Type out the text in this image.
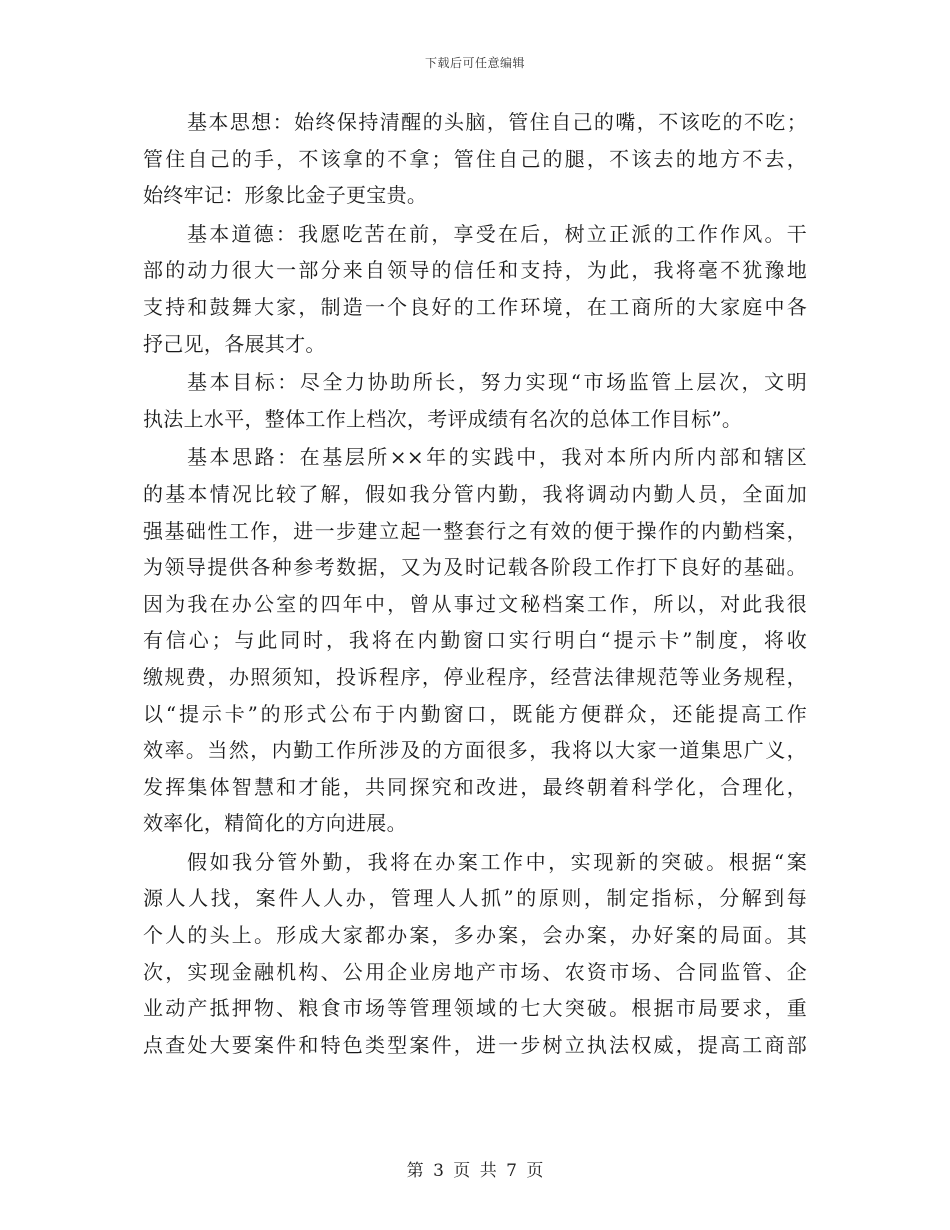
下载后可任意编辑
基本思想：始终保持清醒的头脑，管住自己的嘴，不该吃的不吃；
管住自己的手，不该拿的不拿；管住自己的腿，不该去的地方不去，
始终牢记：形象比金子更宝贵。
基本道德：我愿吃苦在前，享受在后，树立正派的工作作风。干
部的动力很大一部分来自领导的信任和支持，为此，我将毫不犹豫地
支持和鼓舞大家，制造一个良好的工作环境，在工商所的大家庭中各
抒己见，各展其才。
基本目标：尽全力协助所长，努力实现“市场监管上层次，文明
执法上水平，整体工作上档次，考评成绩有名次的总体工作目标”。
基本思路：在基层所××年的实践中，我对本所内所内部和辖区
的基本情况比较了解，假如我分管内勤，我将调动内勤人员，全面加
强基础性工作，进一步建立起一整套行之有效的便于操作的内勤档案，
为领导提供各种参考数据，又为及时记载各阶段工作打下良好的基础。
因为我在办公室的四年中，曾从事过文秘档案工作，所以，对此我很
有信心；与此同时，我将在内勤窗口实行明白“提示卡”制度，将收
缴规费，办照须知，投诉程序，停业程序，经营法律规范等业务规程，
以“提示卡”的形式公布于内勤窗口，既能方便群众，还能提高工作
效率。当然，内勤工作所涉及的方面很多，我将以大家一道集思广义，
发挥集体智慧和才能，共同探究和改进，最终朝着科学化，合理化，
效率化，精简化的方向进展。
假如我分管外勤，我将在办案工作中，实现新的突破。根据“案
源人人找，案件人人办，管理人人抓”的原则，制定指标，分解到每
个人的头上。形成大家都办案，多办案，会办案，办好案的局面。其
次，实现金融机构、公用企业房地产市场、农资市场、合同监管、企
业动产抵押物、粮食市场等管理领域的七大突破。根据市局要求，重
点查处大要案件和特色类型案件，进一步树立执法权威，提高工商部
第 3 页 共 7 页
